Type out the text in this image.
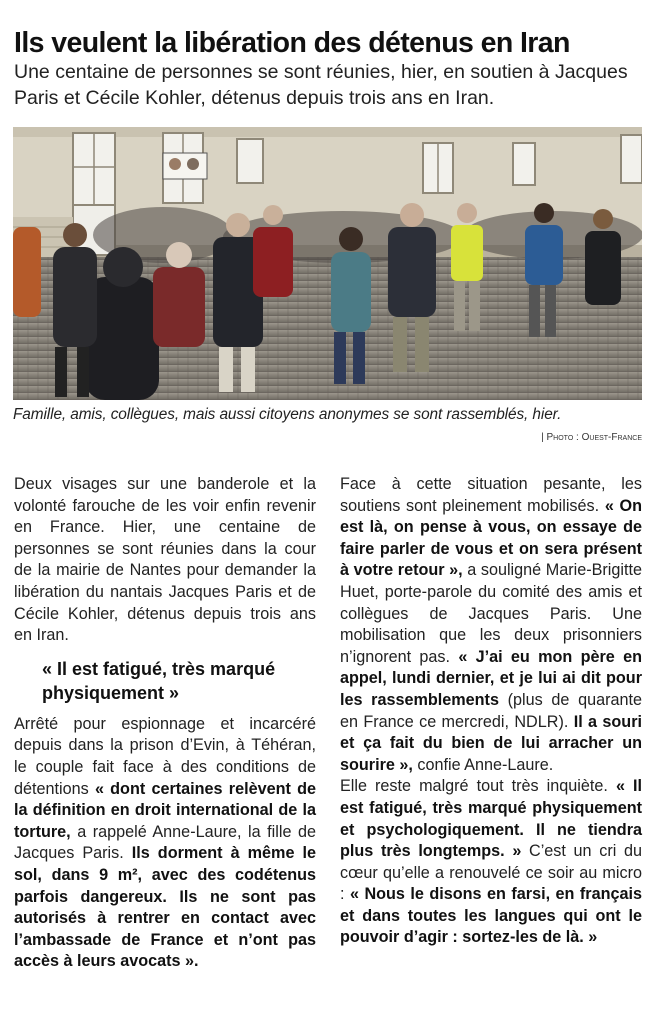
Ils veulent la libération des détenus en Iran
Une centaine de personnes se sont réunies, hier, en soutien à Jacques Paris et Cécile Kohler, détenus depuis trois ans en Iran.
Famille, amis, collègues, mais aussi citoyens anonymes se sont rassemblés, hier.
| Photo : Ouest-France

Deux visages sur une banderole et la volonté farouche de les voir enfin revenir en France. Hier, une centaine de personnes se sont réunies dans la cour de la mairie de Nantes pour demander la libération du nantais Jacques Paris et de Cécile Kohler, détenus depuis trois ans en Iran.

« Il est fatigué, très marqué physiquement »

Arrêté pour espionnage et incarcéré depuis dans la prison d’Evin, à Téhéran, le couple fait face à des conditions de détentions « dont certaines relèvent de la définition en droit international de la torture, a rappelé Anne-Laure, la fille de Jacques Paris. Ils dorment à même le sol, dans 9 m², avec des codétenus parfois dangereux. Ils ne sont pas autorisés à rentrer en contact avec l’ambassade de France et n’ont pas accès à leurs avocats ».

Face à cette situation pesante, les soutiens sont pleinement mobilisés. « On est là, on pense à vous, on essaye de faire parler de vous et on sera présent à votre retour », a souligné Marie-Brigitte Huet, porte-parole du comité des amis et collègues de Jacques Paris. Une mobilisation que les deux prisonniers n’ignorent pas. « J’ai eu mon père en appel, lundi dernier, et je lui ai dit pour les rassemblements (plus de quarante en France ce mercredi, NDLR). Il a souri et ça fait du bien de lui arracher un sourire », confie Anne-Laure.

Elle reste malgré tout très inquiète. « Il est fatigué, très marqué physiquement et psychologiquement. Il ne tiendra plus très longtemps. » C’est un cri du cœur qu’elle a renouvelé ce soir au micro : « Nous le disons en farsi, en français et dans toutes les langues qui ont le pouvoir d’agir : sortez-les de là. »
